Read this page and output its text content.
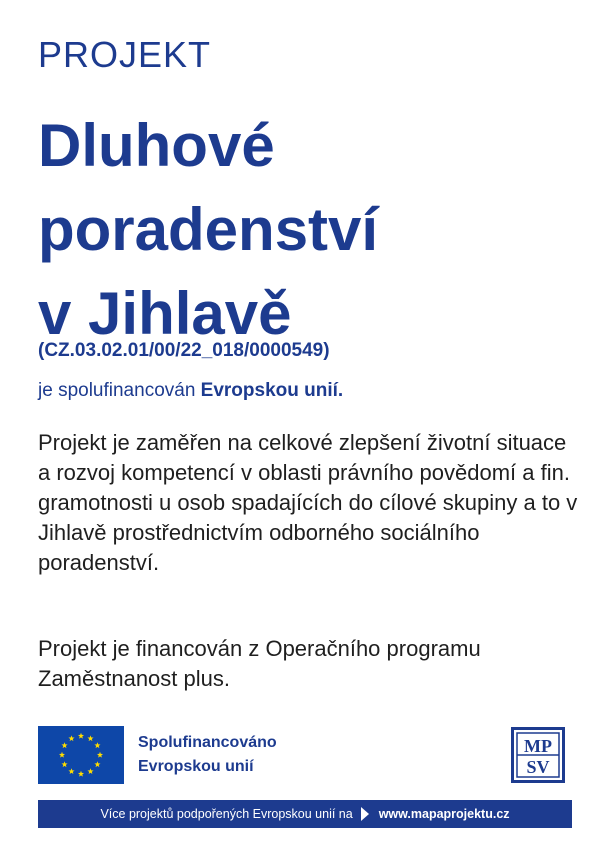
PROJEKT
Dluhové
poradenství
v Jihlavě
(CZ.03.02.01/00/22_018/0000549)
je spolufinancován Evropskou unií.

Projekt je zaměřen na celkové zlepšení životní situace a rozvoj kompetencí v oblasti právního povědomí a fin. gramotnosti u osob spadajících do cílové skupiny a to v Jihlavě prostřednictvím odborného sociálního poradenství.

Projekt je financován z Operačního programu Zaměstnanost plus.

Spolufinancováno
Evropskou unií
MP
SV
Více projektů podpořených Evropskou unií na www.mapaprojektu.cz
